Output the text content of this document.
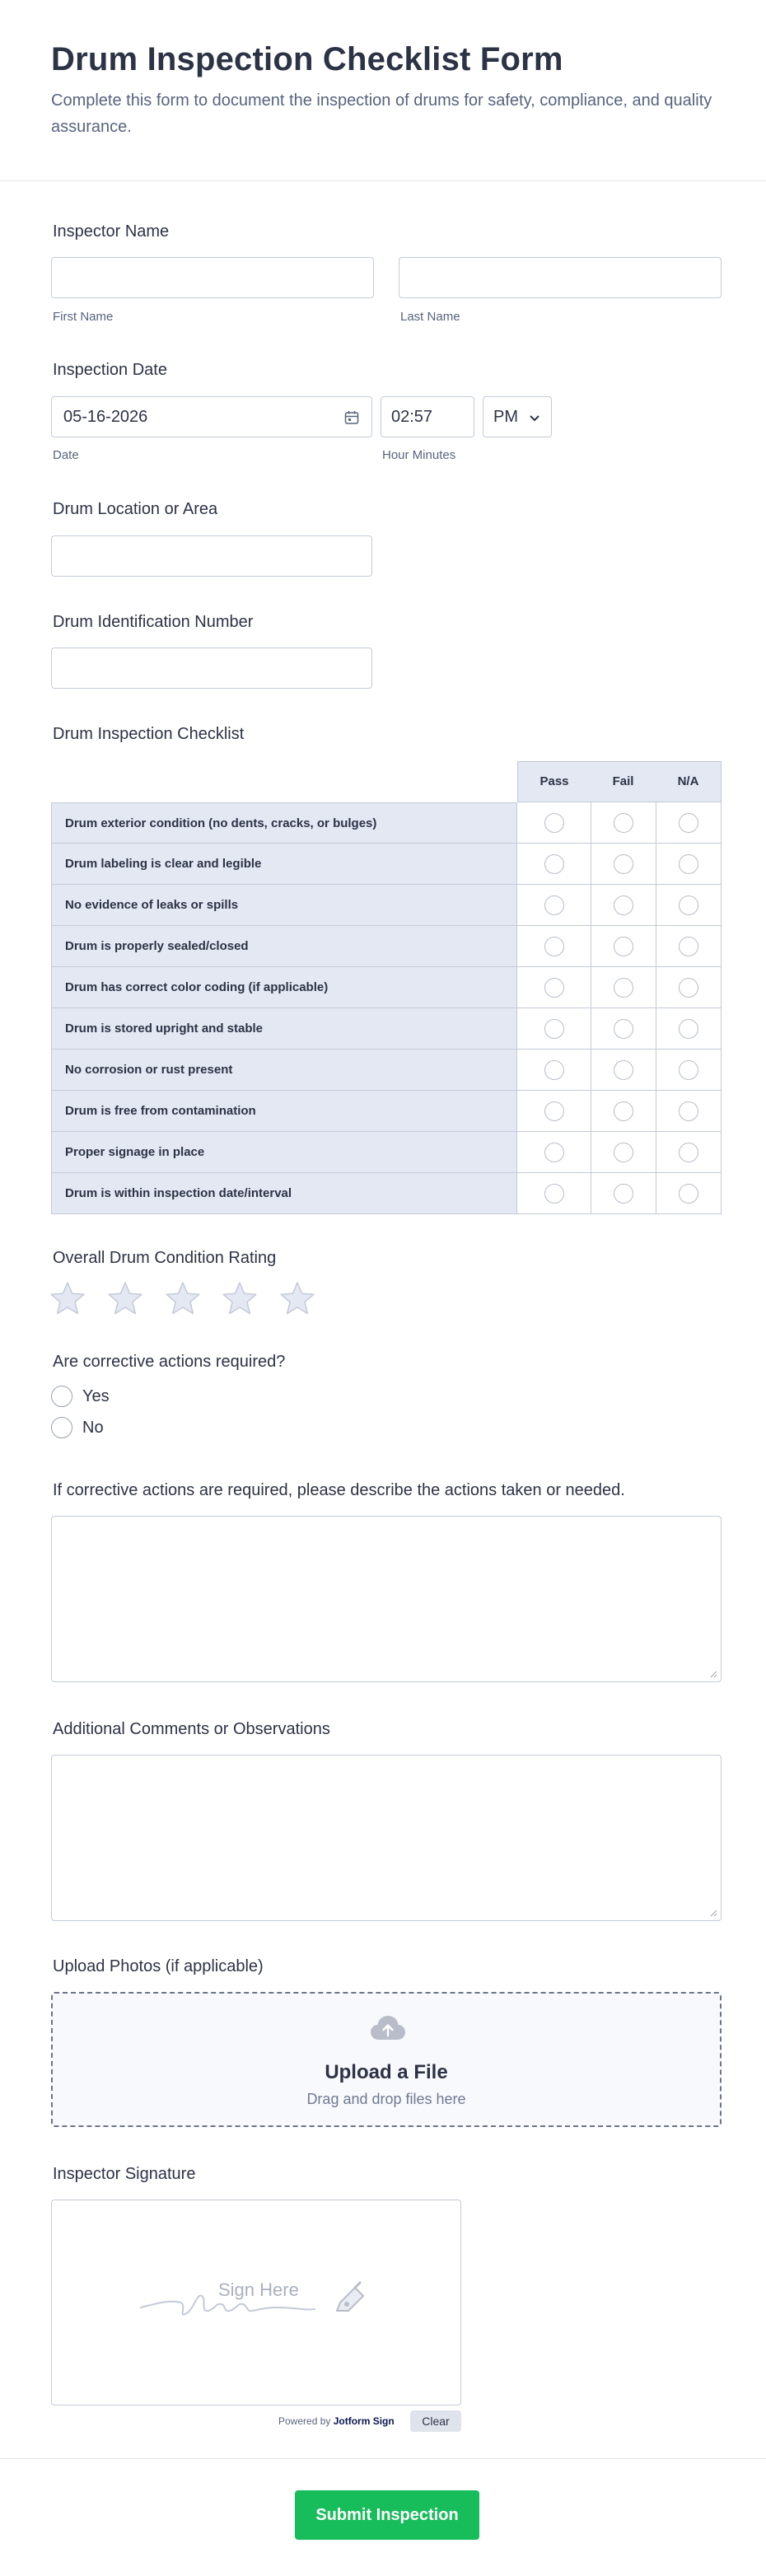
Drum Inspection Checklist Form
Complete this form to document the inspection of drums for safety, compliance, and quality assurance.
Inspector Name
First Name	Last Name
Inspection Date
05-16-2026
Date
02:57
Hour Minutes
PM
Drum Location or Area
Drum Identification Number
Drum Inspection Checklist
Pass	Fail	N/A
Drum exterior condition (no dents, cracks, or bulges)
Drum labeling is clear and legible
No evidence of leaks or spills
Drum is properly sealed/closed
Drum has correct color coding (if applicable)
Drum is stored upright and stable
No corrosion or rust present
Drum is free from contamination
Proper signage in place
Drum is within inspection date/interval
Overall Drum Condition Rating
Are corrective actions required?
Yes
No
If corrective actions are required, please describe the actions taken or needed.
Additional Comments or Observations
Upload Photos (if applicable)
Upload a File
Drag and drop files here
Inspector Signature
Sign Here
Powered by Jotform Sign	Clear
Submit Inspection
